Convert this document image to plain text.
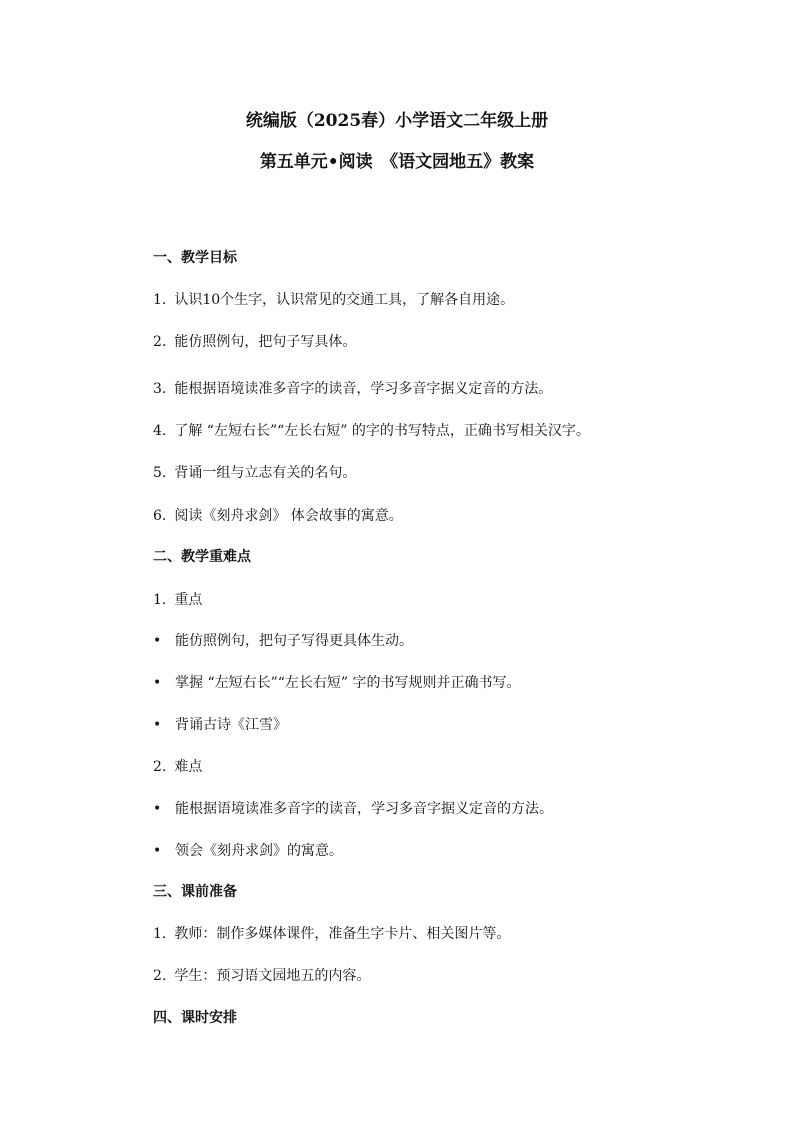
统编版（2025春）小学语文二年级上册
第五单元•阅读　《语文园地五》教案
一、教学目标
1. 认识10个生字，认识常见的交通工具，了解各自用途。
2. 能仿照例句，把句子写具体。
3. 能根据语境读准多音字的读音，学习多音字据义定音的方法。
4. 了解 “左短右长”“左长右短” 的字的书写特点，正确书写相关汉字。
5. 背诵一组与立志有关的名句。
6. 阅读《刻舟求剑》 体会故事的寓意。
二、教学重难点
1. 重点
• 能仿照例句，把句子写得更具体生动。
• 掌握 “左短右长”“左长右短” 字的书写规则并正确书写。
• 背诵古诗《江雪》
2. 难点
• 能根据语境读准多音字的读音，学习多音字据义定音的方法。
• 领会《刻舟求剑》的寓意。
三、课前准备
1. 教师：制作多媒体课件，准备生字卡片、相关图片等。
2. 学生：预习语文园地五的内容。
四、课时安排
